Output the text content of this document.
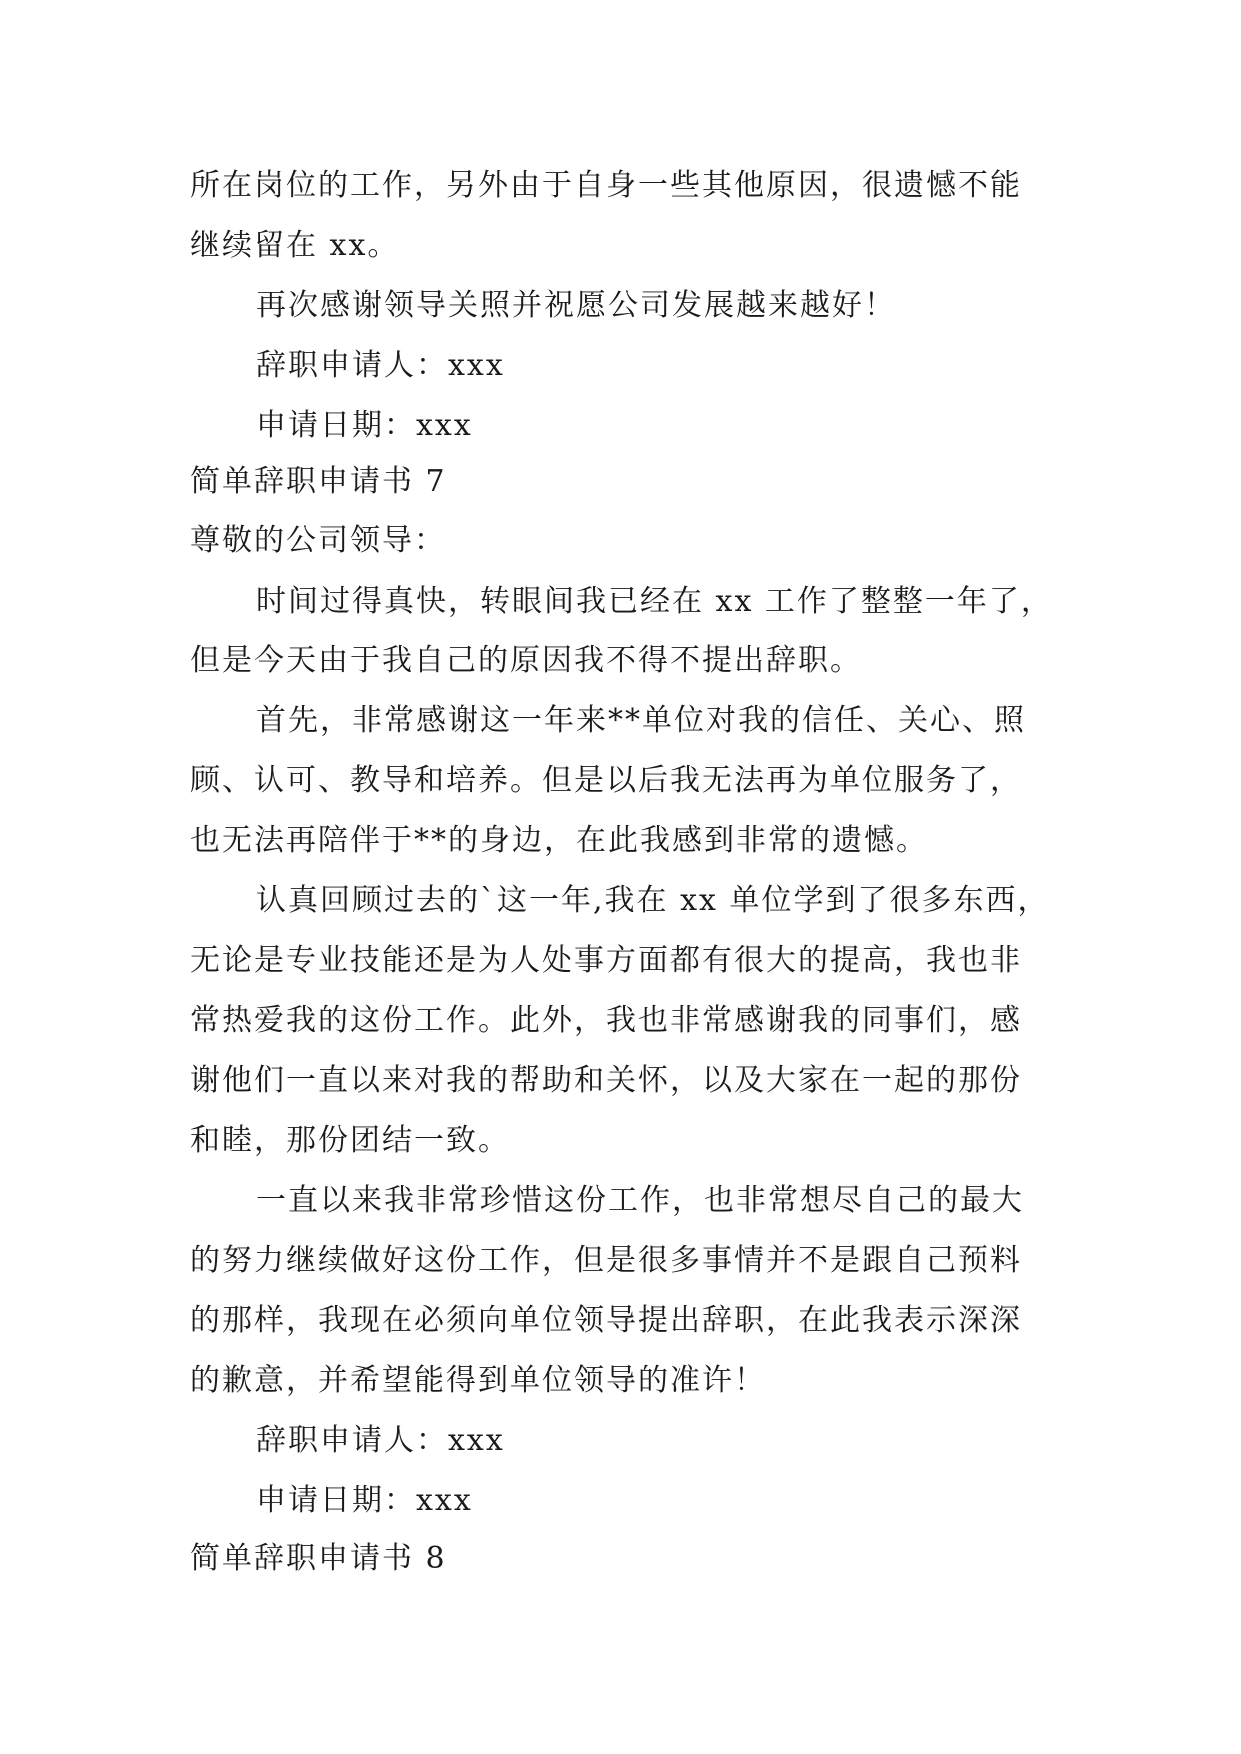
所在岗位的工作，另外由于自身一些其他原因，很遗憾不能
继续留在 xx。
再次感谢领导关照并祝愿公司发展越来越好！
辞职申请人：xxx
申请日期：xxx
简单辞职申请书 7
尊敬的公司领导：
时间过得真快，转眼间我已经在 xx 工作了整整一年了，
但是今天由于我自己的原因我不得不提出辞职。
首先，非常感谢这一年来**单位对我的信任、关心、照
顾、认可、教导和培养。但是以后我无法再为单位服务了，
也无法再陪伴于**的身边，在此我感到非常的遗憾。
认真回顾过去的`这一年,我在 xx 单位学到了很多东西，
无论是专业技能还是为人处事方面都有很大的提高，我也非
常热爱我的这份工作。此外，我也非常感谢我的同事们，感
谢他们一直以来对我的帮助和关怀，以及大家在一起的那份
和睦，那份团结一致。
一直以来我非常珍惜这份工作，也非常想尽自己的最大
的努力继续做好这份工作，但是很多事情并不是跟自己预料
的那样，我现在必须向单位领导提出辞职，在此我表示深深
的歉意，并希望能得到单位领导的准许！
辞职申请人：xxx
申请日期：xxx
简单辞职申请书 8
